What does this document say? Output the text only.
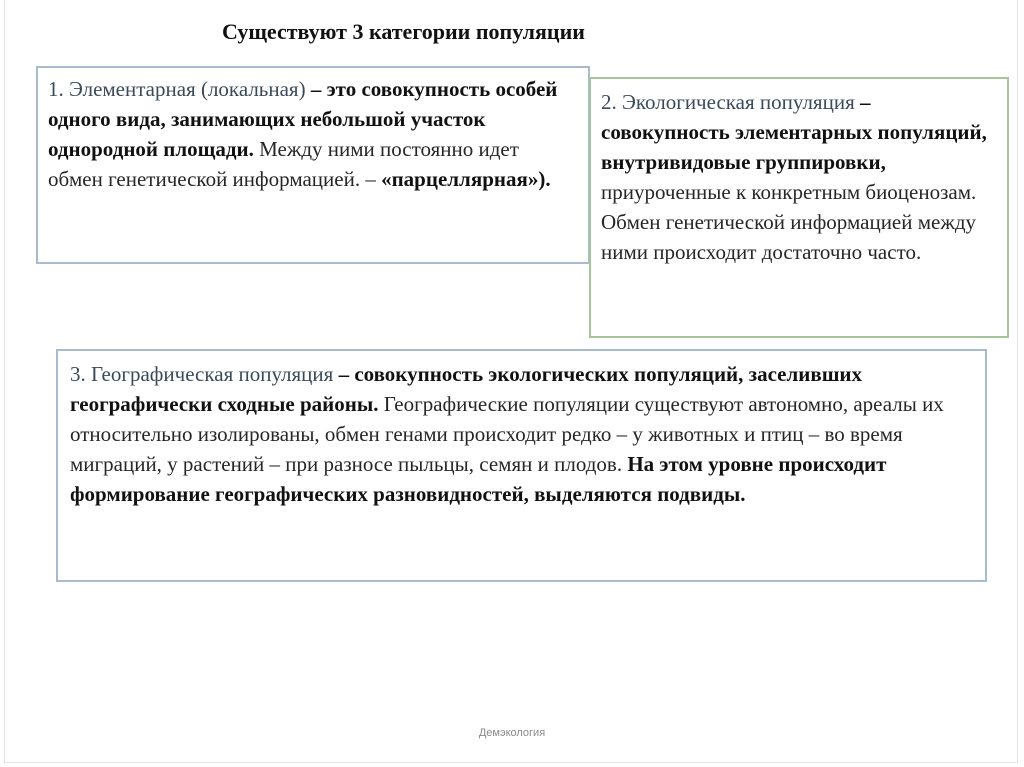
Существуют 3 категории популяции

1. Элементарная (локальная) – это совокупность особей одного вида, занимающих небольшой участок однородной площади. Между ними постоянно идет обмен генетической информацией. – «парцеллярная»).

2. Экологическая популяция – совокупность элементарных популяций, внутривидовые группировки, приуроченные к конкретным биоценозам. Обмен генетической информацией между ними происходит достаточно часто.

3. Географическая популяция – совокупность экологических популяций, заселивших географически сходные районы. Географические популяции существуют автономно, ареалы их относительно изолированы, обмен генами происходит редко – у животных и птиц – во время миграций, у растений – при разносе пыльцы, семян и плодов. На этом уровне происходит формирование географических разновидностей, выделяются подвиды.

Демэкология
